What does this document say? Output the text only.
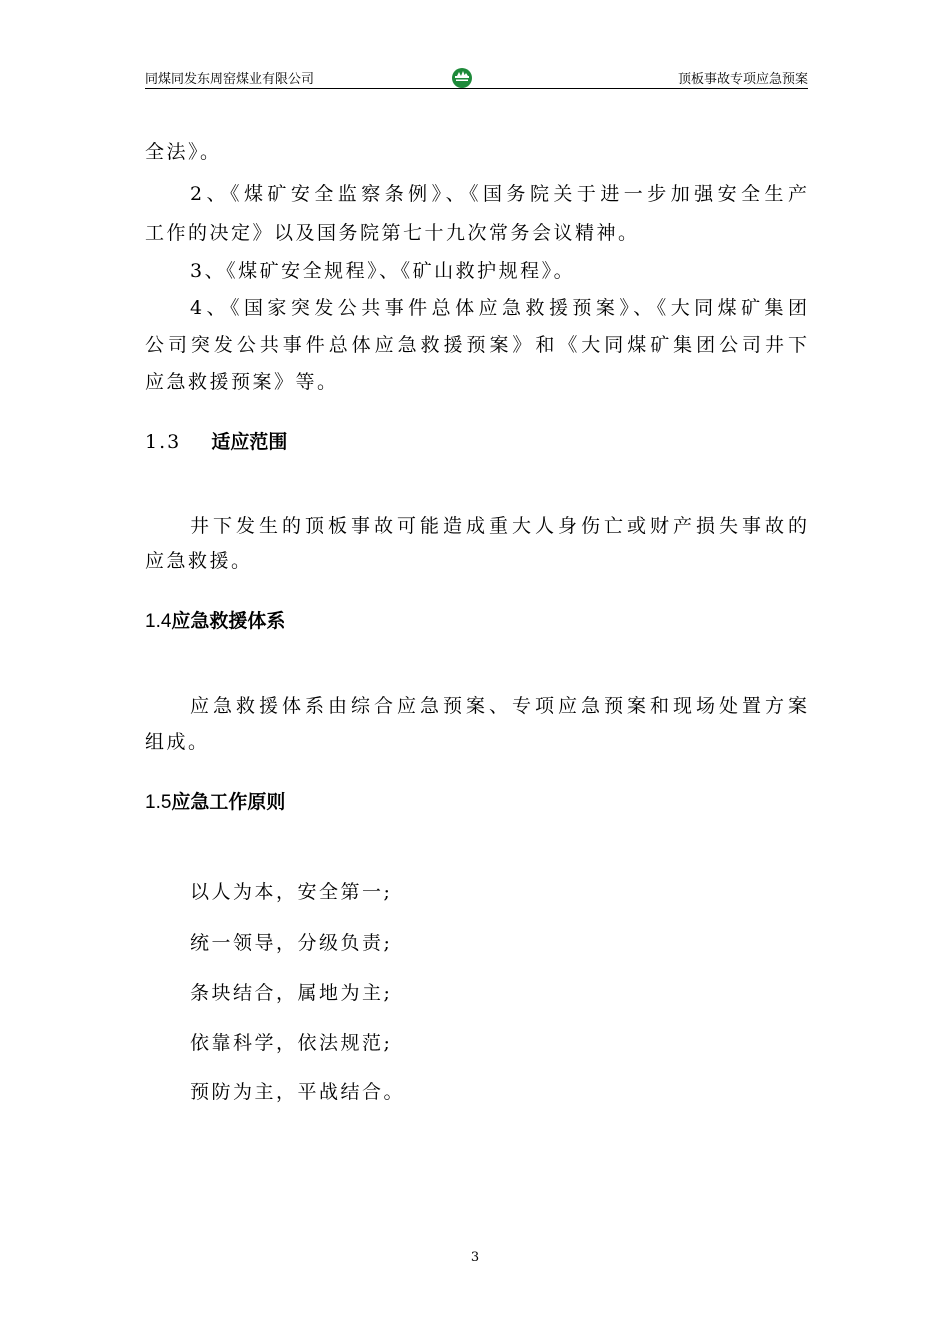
同煤同发东周窑煤业有限公司	顶板事故专项应急预案
全法》。
2、《煤矿安全监察条例》、《国务院关于进一步加强安全生产
工作的决定》以及国务院第七十九次常务会议精神。
3、《煤矿安全规程》、《矿山救护规程》。
4、《国家突发公共事件总体应急救援预案》、《大同煤矿集团
公司突发公共事件总体应急救援预案》和《大同煤矿集团公司井下
应急救援预案》等。
1.3 适应范围
井下发生的顶板事故可能造成重大人身伤亡或财产损失事故的
应急救援。
1.4应急救援体系
应急救援体系由综合应急预案、专项应急预案和现场处置方案
组成。
1.5应急工作原则
以人为本，安全第一;
统一领导，分级负责;
条块结合，属地为主;
依靠科学，依法规范;
预防为主，平战结合。
3
